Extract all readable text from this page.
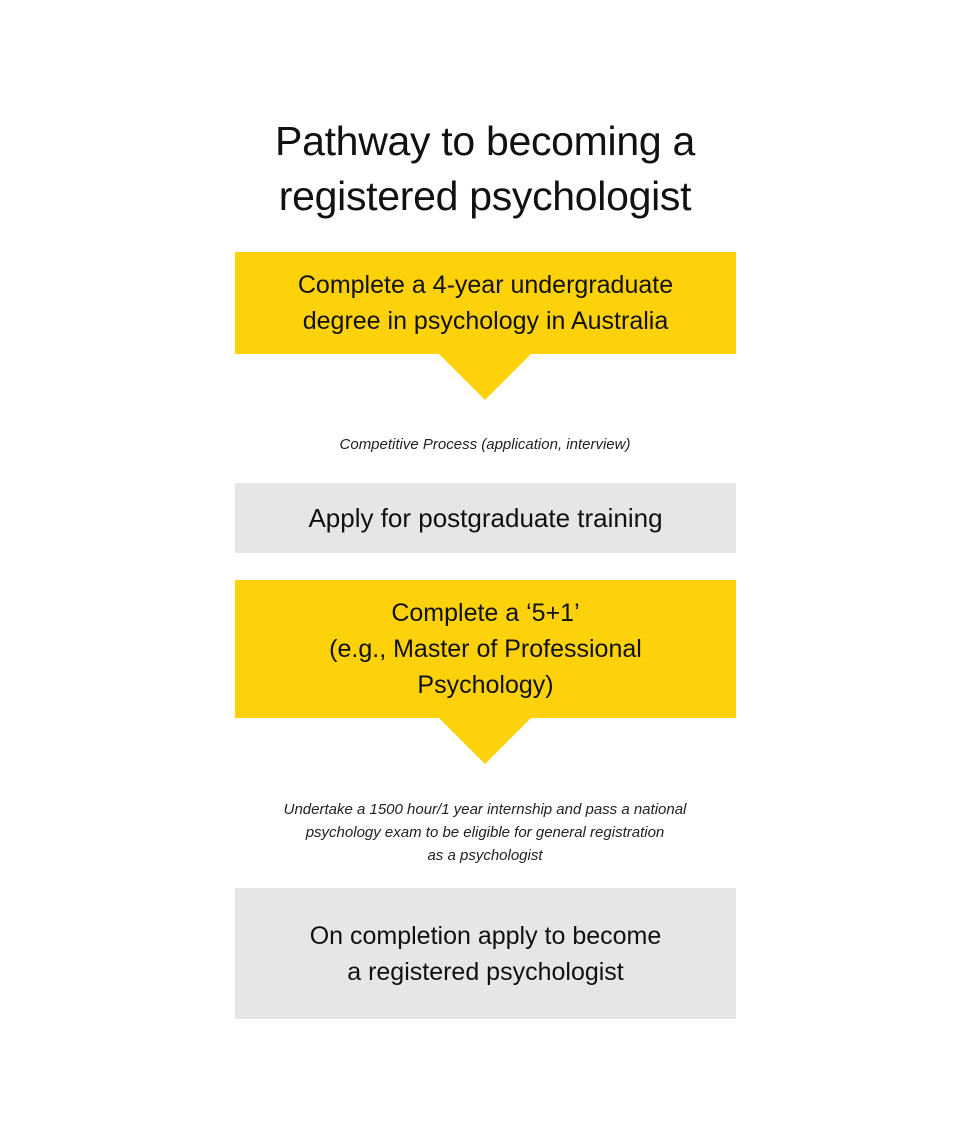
Pathway to becoming a
registered psychologist
Complete a 4-year undergraduate
degree in psychology in Australia
Competitive Process (application, interview)
Apply for postgraduate training
Complete a ‘5+1’
(e.g., Master of Professional
Psychology)
Undertake a 1500 hour/1 year internship and pass a national
psychology exam to be eligible for general registration
as a psychologist
On completion apply to become
a registered psychologist
